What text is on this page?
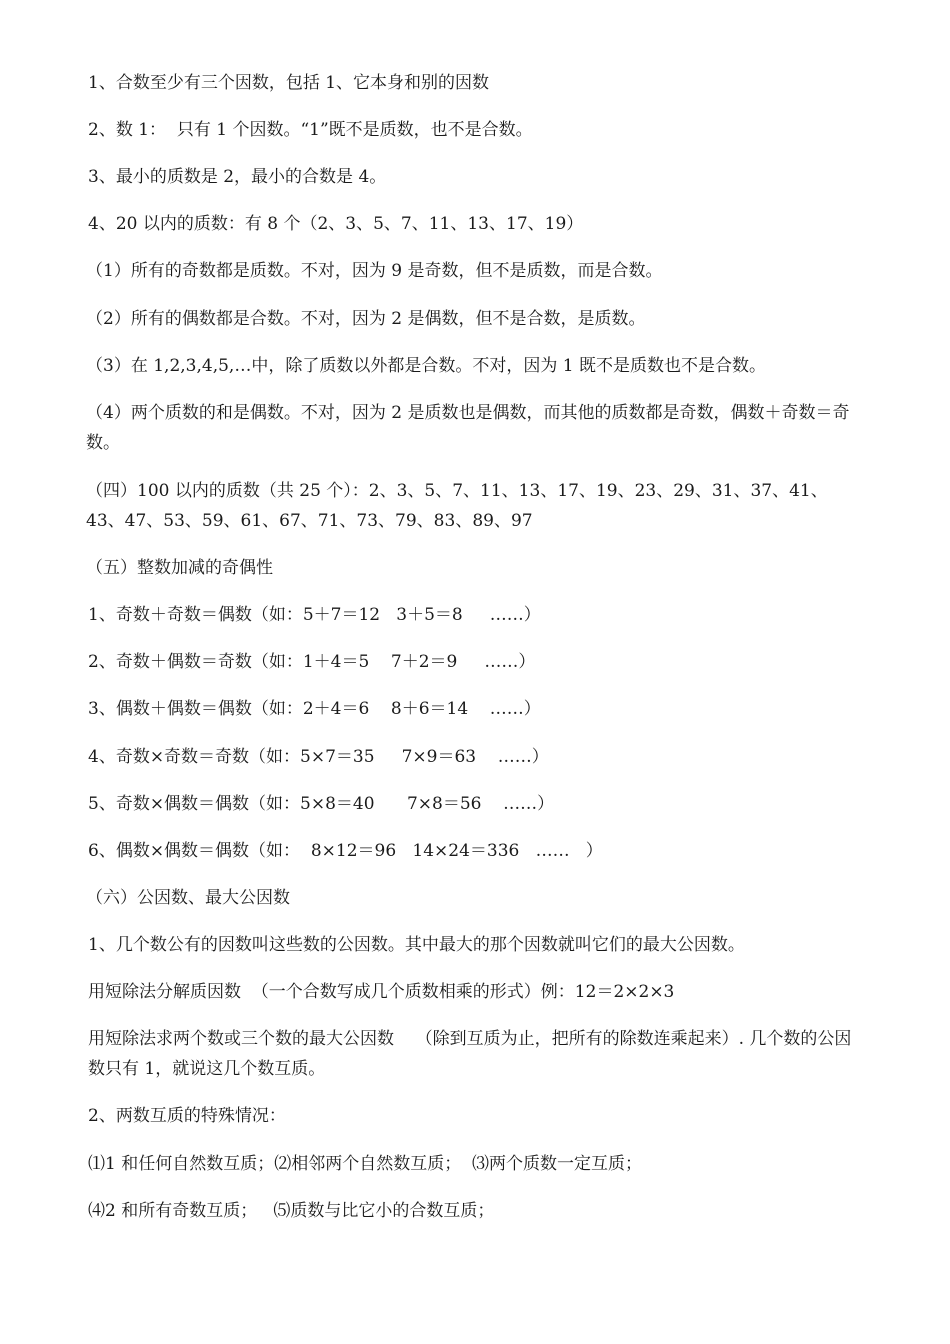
1、合数至少有三个因数，包括 1、它本身和别的因数

2、数 1：  只有 1 个因数。“1”既不是质数，也不是合数。

3、最小的质数是 2，最小的合数是 4。

4、20 以内的质数：有 8 个（2、3、5、7、11、13、17、19）

（1）所有的奇数都是质数。不对，因为 9 是奇数，但不是质数，而是合数。

（2）所有的偶数都是合数。不对，因为 2 是偶数，但不是合数，是质数。

（3）在 1,2,3,4,5,…中，除了质数以外都是合数。不对，因为 1 既不是质数也不是合数。

（4）两个质数的和是偶数。不对，因为 2 是质数也是偶数，而其他的质数都是奇数，偶数＋奇数＝奇数。

（四）100 以内的质数（共 25 个）：2、3、5、7、11、13、17、19、23、29、31、37、41、43、47、53、59、61、67、71、73、79、83、89、97

（五）整数加减的奇偶性

1、奇数＋奇数＝偶数（如：5＋7＝12   3＋5＝8     ……）

2、奇数＋偶数＝奇数（如：1＋4＝5    7＋2＝9     ……）

3、偶数＋偶数＝偶数（如：2＋4＝6    8＋6＝14    ……）

4、奇数×奇数＝奇数（如：5×7＝35     7×9＝63    ……）

5、奇数×偶数＝偶数（如：5×8＝40      7×8＝56    ……）

6、偶数×偶数＝偶数（如：  8×12＝96   14×24＝336   ……   ）

（六）公因数、最大公因数

1、几个数公有的因数叫这些数的公因数。其中最大的那个因数就叫它们的最大公因数。

用短除法分解质因数  （一个合数写成几个质数相乘的形式）例：12＝2×2×3

用短除法求两个数或三个数的最大公因数    （除到互质为止，把所有的除数连乘起来）. 几个数的公因数只有 1，就说这几个数互质。

2、两数互质的特殊情况：

⑴1 和任何自然数互质；⑵相邻两个自然数互质；  ⑶两个质数一定互质；

⑷2 和所有奇数互质；   ⑸质数与比它小的合数互质；
